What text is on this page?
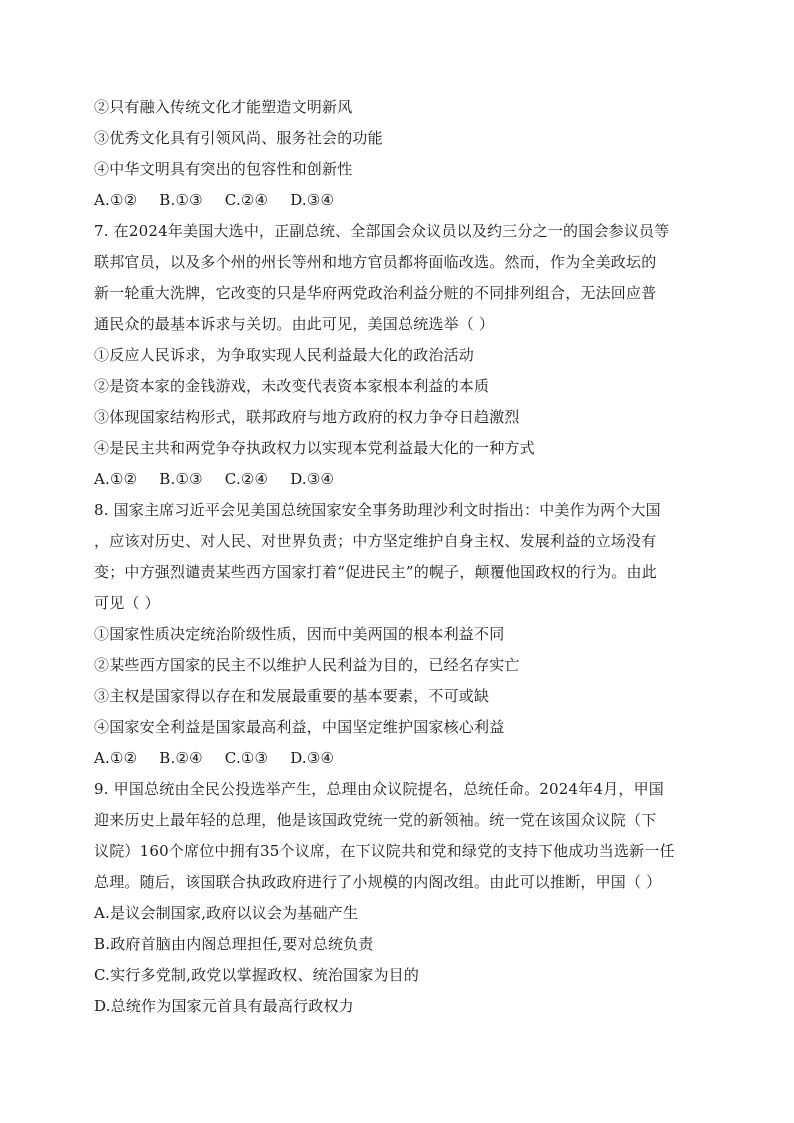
②只有融入传统文化才能塑造文明新风
③优秀文化具有引领风尚、服务社会的功能
④中华文明具有突出的包容性和创新性
A.①② B.①③ C.②④ D.③④
7. 在2024年美国大选中，正副总统、全部国会众议员以及约三分之一的国会参议员等
联邦官员，以及多个州的州长等州和地方官员都将面临改选。然而，作为全美政坛的
新一轮重大洗牌，它改变的只是华府两党政治利益分赃的不同排列组合，无法回应普
通民众的最基本诉求与关切。由此可见，美国总统选举（ ）
①反应人民诉求，为争取实现人民利益最大化的政治活动
②是资本家的金钱游戏，未改变代表资本家根本利益的本质
③体现国家结构形式，联邦政府与地方政府的权力争夺日趋激烈
④是民主共和两党争夺执政权力以实现本党利益最大化的一种方式
A.①② B.①③ C.②④ D.③④
8. 国家主席习近平会见美国总统国家安全事务助理沙利文时指出：中美作为两个大国
，应该对历史、对人民、对世界负责；中方坚定维护自身主权、发展利益的立场没有
变；中方强烈谴责某些西方国家打着“促进民主”的幌子，颠覆他国政权的行为。由此
可见（ ）
①国家性质决定统治阶级性质，因而中美两国的根本利益不同
②某些西方国家的民主不以维护人民利益为目的，已经名存实亡
③主权是国家得以存在和发展最重要的基本要素，不可或缺
④国家安全利益是国家最高利益，中国坚定维护国家核心利益
A.①② B.②④ C.①③ D.③④
9. 甲国总统由全民公投选举产生，总理由众议院提名，总统任命。2024年4月，甲国
迎来历史上最年轻的总理，他是该国政党统一党的新领袖。统一党在该国众议院（下
议院）160个席位中拥有35个议席，在下议院共和党和绿党的支持下他成功当选新一任
总理。随后，该国联合执政政府进行了小规模的内阁改组。由此可以推断，甲国（ ）
A.是议会制国家,政府以议会为基础产生
B.政府首脑由内阁总理担任,要对总统负责
C.实行多党制,政党以掌握政权、统治国家为目的
D.总统作为国家元首具有最高行政权力
